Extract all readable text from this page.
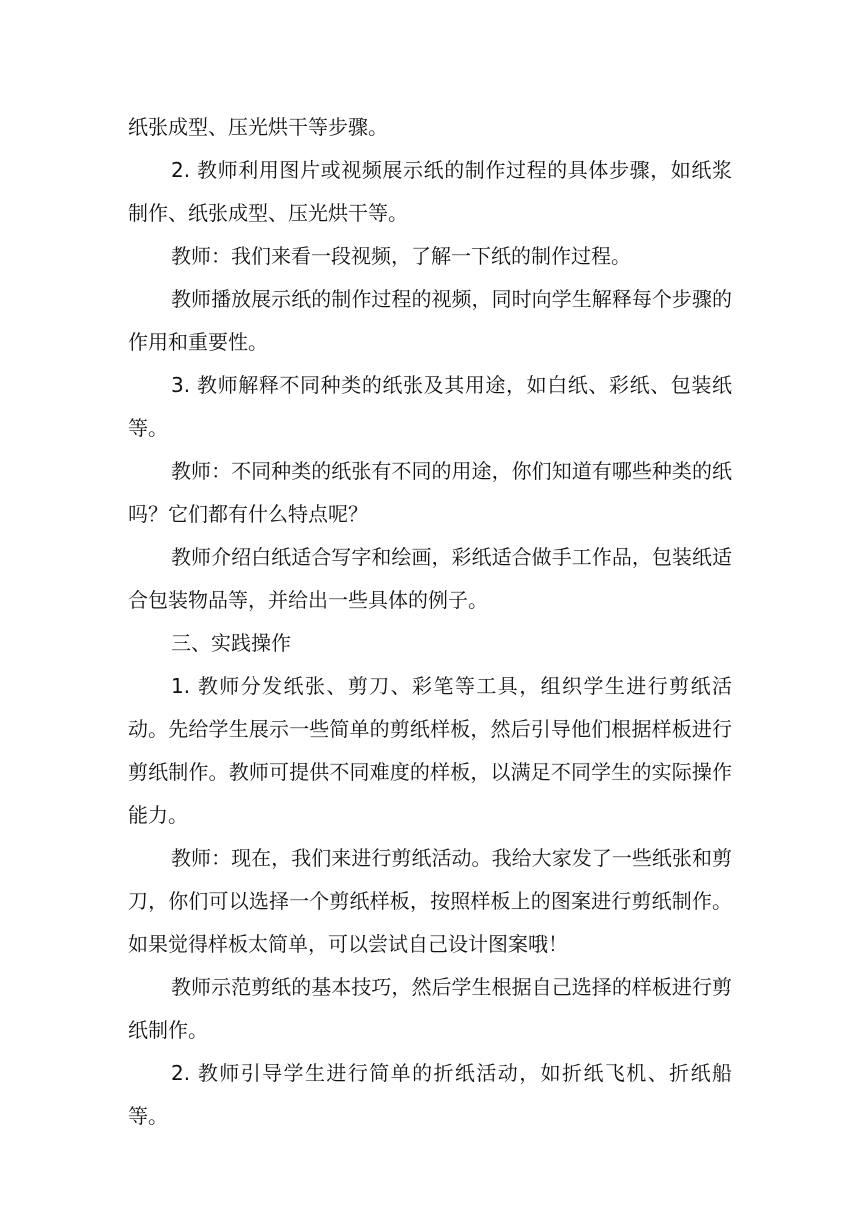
纸张成型、压光烘干等步骤。

2. 教师利用图片或视频展示纸的制作过程的具体步骤，如纸浆制作、纸张成型、压光烘干等。

教师：我们来看一段视频，了解一下纸的制作过程。

教师播放展示纸的制作过程的视频，同时向学生解释每个步骤的作用和重要性。

3. 教师解释不同种类的纸张及其用途，如白纸、彩纸、包装纸等。

教师：不同种类的纸张有不同的用途，你们知道有哪些种类的纸吗？它们都有什么特点呢？

教师介绍白纸适合写字和绘画，彩纸适合做手工作品，包装纸适合包装物品等，并给出一些具体的例子。

三、实践操作

1. 教师分发纸张、剪刀、彩笔等工具，组织学生进行剪纸活动。先给学生展示一些简单的剪纸样板，然后引导他们根据样板进行剪纸制作。教师可提供不同难度的样板，以满足不同学生的实际操作能力。

教师：现在，我们来进行剪纸活动。我给大家发了一些纸张和剪刀，你们可以选择一个剪纸样板，按照样板上的图案进行剪纸制作。如果觉得样板太简单，可以尝试自己设计图案哦！

教师示范剪纸的基本技巧，然后学生根据自己选择的样板进行剪纸制作。

2. 教师引导学生进行简单的折纸活动，如折纸飞机、折纸船等。
